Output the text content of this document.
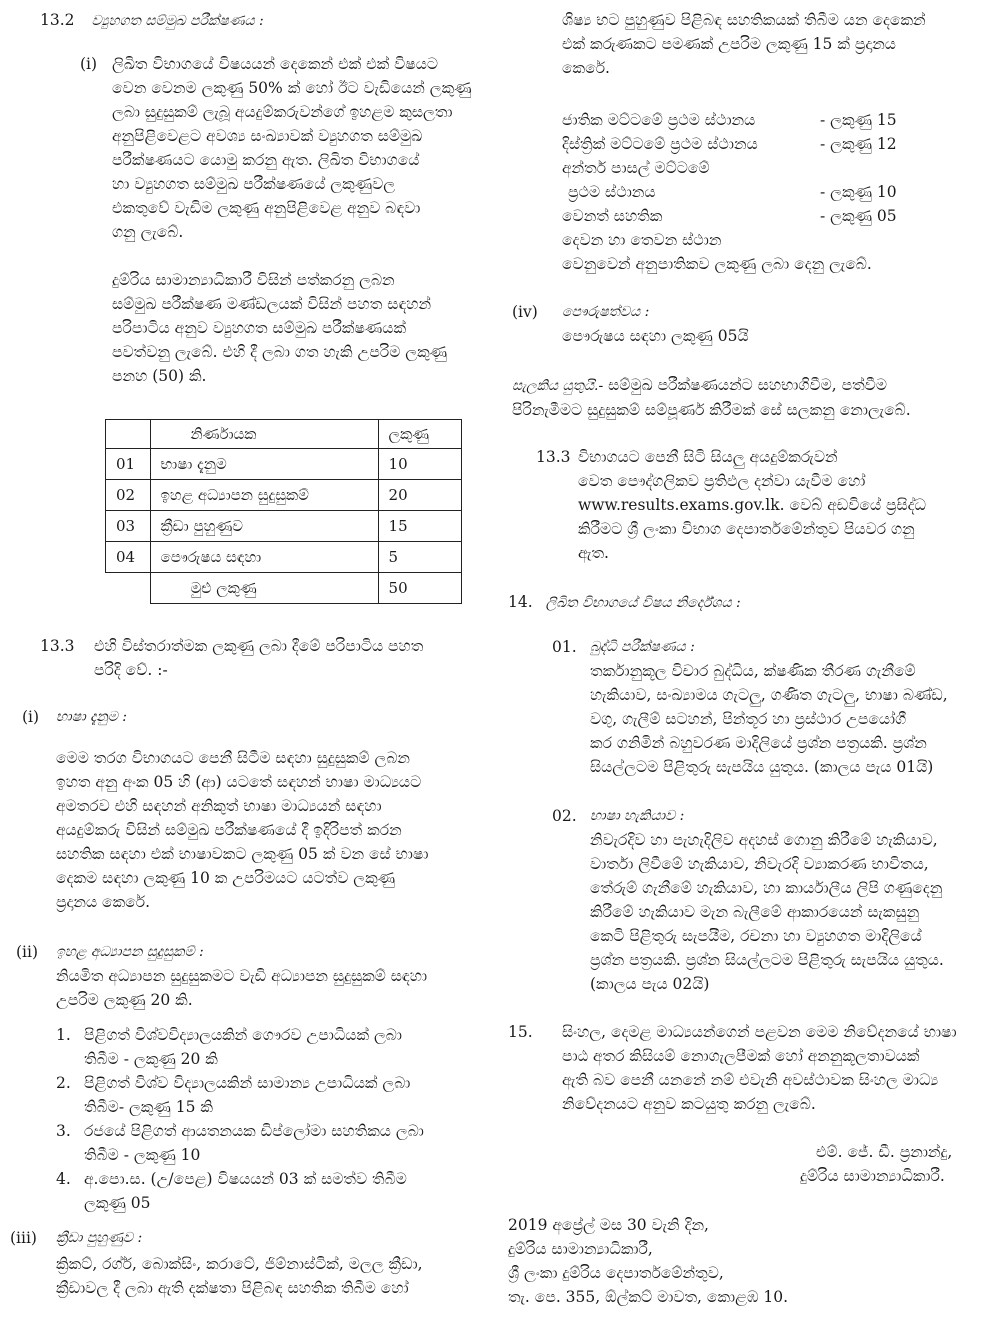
13.2 ව්‍යුහගත සම්මුඛ පරීක්ෂණය :
(i) ලිඛිත විභාගයේ විෂයයන් දෙකෙන් එක් එක් විෂයට
වෙන වෙනම ලකුණු 50% ක් හෝ ඊට වැඩියෙන් ලකුණු
ලබා සුදුසුකම් ලැබූ අයදුම්කරුවන්ගේ ඉහළම කුසලතා
අනුපිළිවෙළට අවශ්‍ය සංඛ්‍යාවක් ව්‍යුහගත සම්මුඛ
පරීක්ෂණයට යොමු කරනු ඇත. ලිඛිත විභාගයේ
හා ව්‍යුහගත සම්මුඛ පරීක්ෂණයේ ලකුණුවල
එකතුවේ වැඩිම ලකුණු අනුපිළිවෙළ අනුව බඳවා
ගනු ලැබේ.
දුම්රිය සාමාන්‍යාධිකාරී විසින් පත්කරනු ලබන
සම්මුඛ පරීක්ෂණ මණ්ඩලයක් විසින් පහත සඳහන්
පරිපාටිය අනුව ව්‍යුහගත සම්මුඛ පරීක්ෂණයක්
පවත්වනු ලැබේ. එහි දී ලබා ගත හැකි උපරිම ලකුණු
පනහ (50) කි.
	නිර්ණායක	ලකුණු
01	භාෂා දැනුම	10
02	ඉහළ අධ්‍යාපන සුදුසුකම්	20
03	ක්‍රීඩා පුහුණුව	15
04	පෞරුෂය සඳහා	5
	මුළු ලකුණු	50
13.3 එහි විස්තරාත්මක ලකුණු ලබා දීමේ පරිපාටිය පහත
පරිදි වේ. :-
(i) භාෂා දැනුම :
මෙම තරග විභාගයට පෙනී සිටීම සඳහා සුදුසුකම් ලබන
ඉහත අනු අංක 05 හි (ආ) යටතේ සඳහන් භාෂා මාධ්‍යයට
අමතරව එහි සඳහන් අනිකුත් භාෂා මාධ්‍යයන් සඳහා
අයදුම්කරු විසින් සම්මුඛ පරීක්ෂණයේ දී ඉදිරිපත් කරන
සහතික සඳහා එක් භාෂාවකට ලකුණු 05 ක් වන සේ භාෂා
දෙකම සඳහා ලකුණු 10 ක උපරිමයට යටත්ව ලකුණු
ප්‍රදානය කෙරේ.
(ii) ඉහළ අධ්‍යාපන සුදුසුකම් :
නියමිත අධ්‍යාපන සුදුසුකමට වැඩි අධ්‍යාපන සුදුසුකම් සඳහා
උපරිම ලකුණු 20 කි.
1. පිළිගත් විශ්වවිද්‍යාලයකින් ගෞරව උපාධියක් ලබා
තිබීම - ලකුණු 20 කි
2. පිළිගත් විශ්ව විද්‍යාලයකින් සාමාන්‍ය උපාධියක් ලබා
තිබීම- ලකුණු 15 කි
3. රජයේ පිළිගත් ආයතනයක ඩිප්ලෝමා සහතිකය ලබා
තිබීම - ලකුණු 10
4. අ.පො.ස. (උ/පෙළ) විෂයයන් 03 ක් සමත්ව තිබීම
ලකුණු 05
(iii) ක්‍රීඩා පුහුණුව :
ක්‍රිකට්, රග්ර්, බොක්සිං, කරාටේ, ජිම්නාස්ටික්, මලල ක්‍රීඩා,
ක්‍රීඩාවල දී ලබා ඇති දක්ෂතා පිළිබඳ සහතික තිබීම හෝ
ශිෂ්‍ය භට පුහුණුව පිළිබඳ සහතිකයක් තිබීම යන දෙකෙන්
එක් කරුණකට පමණක් උපරිම ලකුණු 15 ක් ප්‍රදානය
කෙරේ.
ජාතික මට්ටමේ ප්‍රථම ස්ථානය	- ලකුණු 15
දිස්ත්‍රික් මට්ටමේ ප්‍රථම ස්ථානය	- ලකුණු 12
අන්තර් පාසල් මට්ටමේ
ප්‍රථම ස්ථානය	- ලකුණු 10
වෙනත් සහතික	- ලකුණු 05
දෙවන හා තෙවන ස්ථාන
වෙනුවෙන් අනුපාතිකව ලකුණු ලබා දෙනු ලැබේ.
(iv) පෞරුෂත්වය :
පෞරුෂය සඳහා ලකුණු 05යි
සැලකිය යුතුයි.- සම්මුඛ පරීක්ෂණයන්ට සහභාගිවීම, පත්වීම
පිරිනැමීමට සුදුසුකම් සම්පූර්ණ කිරීමක් සේ සලකනු නොලැබේ.
13.3 විභාගයට පෙනී සිටි සියලු අයදුම්කරුවන්
වෙත පෞද්ගලිකව ප්‍රතිඵල දන්වා යැවීම හෝ
www.results.exams.gov.lk. වෙබ් අඩවියේ ප්‍රසිද්ධ
කිරීමට ශ්‍රී ලංකා විභාග දෙපාර්තමේන්තුව පියවර ගනු
ඇත.
14. ලිඛිත විභාගයේ විෂය නිර්දේශය :
01. බුද්ධි පරීක්ෂණය :
තර්කානුකූල විචාර බුද්ධිය, ක්ෂණික තීරණ ගැනීමේ
හැකියාව, සංඛ්‍යාමය ගැටලු, ගණිත ගැටලු, භාෂා බණ්ඩ,
වගු, ගැලීම් සටහන්, පින්තූර හා ප්‍රස්ථාර උපයෝගී
කර ගනිමින් බහුවරණ මාදිලියේ ප්‍රශ්න පත්‍රයකි. ප්‍රශ්න
සියල්ලටම පිළිතුරු සැපයිය යුතුය. (කාලය පැය 01යි)
02. භාෂා හැකියාව :
නිවැරදිව හා පැහැදිලිව අදහස් ගොනු කිරීමේ හැකියාව,
වාර්තා ලිවීමේ හැකියාව, නිවැරදි ව්‍යාකරණ භාවිතය,
තේරුම් ගැනීමේ හැකියාව, හා කාර්යාලීය ලිපි ගණුදෙනු
කිරීමේ හැකියාව මැන බැලීමේ ආකාරයෙන් සැකසුනු
කෙටි පිළිතුරු සැපයීම, රචනා හා ව්‍යුහගත මාදිලියේ
ප්‍රශ්න පත්‍රයකි. ප්‍රශ්න සියල්ලටම පිළිතුරු සැපයිය යුතුය.
(කාලය පැය 02යි)
15. සිංහල, දෙමළ මාධ්‍යයන්ගෙන් පළවන මෙම නිවේදනයේ භාෂා
පාඨ අතර කිසියම් නොගැලපීමක් හෝ අනනුකූලතාවයක්
ඇති බව පෙනී යනනේ නම් එවැනි අවස්ථාවක සිංහල මාධ්‍ය
නිවේදනයට අනුව කටයුතු කරනු ලැබේ.
එම්. ජේ. ඩී. ප්‍රනාන්දු,
දුම්රිය සාමාන්‍යාධිකාරී.
2019 අප්‍රේල් මස 30 වැනි දින,
දුම්රිය සාමාන්‍යාධිකාරී,
ශ්‍රී ලංකා දුම්රිය දෙපාර්තමේන්තුව,
තැ. පෙ. 355, ඕල්කට් මාවත, කොළඹ 10.
